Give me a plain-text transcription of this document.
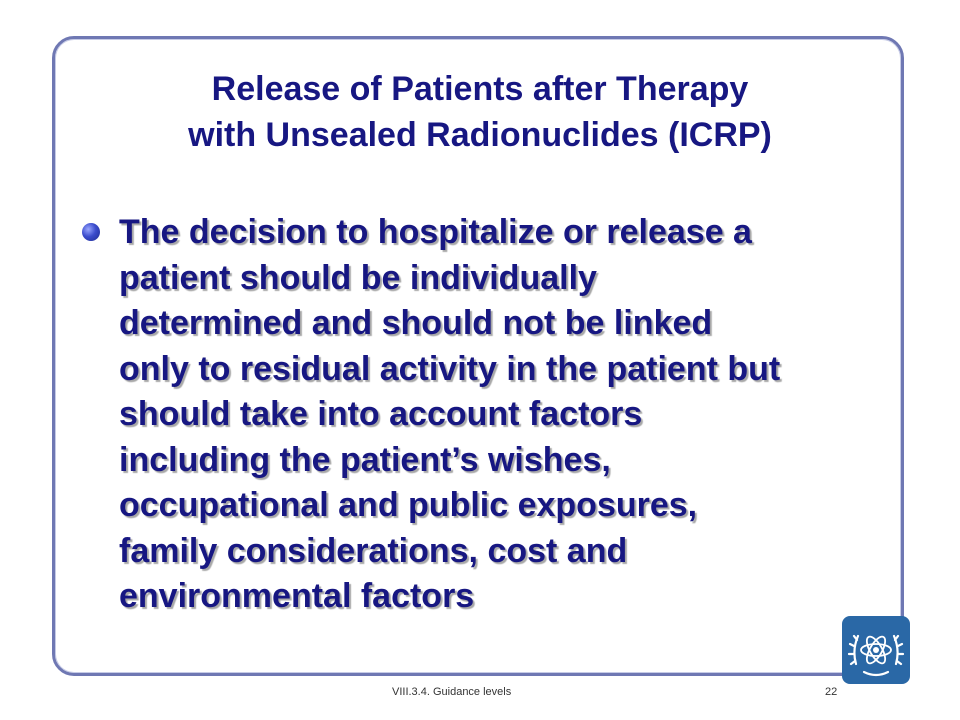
Release of Patients after Therapy
with Unsealed Radionuclides (ICRP)
The decision to hospitalize or release a
patient should be individually
determined and should not be linked
only to residual activity in the patient but
should take into account factors
including the patient’s wishes,
occupational and public exposures,
family considerations, cost and
environmental factors
VIII.3.4. Guidance levels	22
